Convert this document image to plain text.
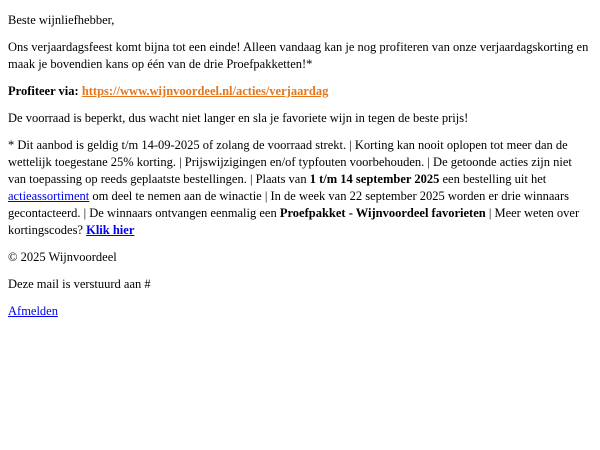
Beste wijnliefhebber,

Ons verjaardagsfeest komt bijna tot een einde! Alleen vandaag kan je nog profiteren van onze verjaardagskorting en maak je bovendien kans op één van de drie Proefpakketten!*

Profiteer via: https://www.wijnvoordeel.nl/acties/verjaardag

De voorraad is beperkt, dus wacht niet langer en sla je favoriete wijn in tegen de beste prijs!

* Dit aanbod is geldig t/m 14-09-2025 of zolang de voorraad strekt. | Korting kan nooit oplopen tot meer dan de wettelijk toegestane 25% korting. | Prijswijzigingen en/of typfouten voorbehouden. | De getoonde acties zijn niet van toepassing op reeds geplaatste bestellingen. | Plaats van 1 t/m 14 september 2025 een bestelling uit het actieassortiment om deel te nemen aan de winactie | In de week van 22 september 2025 worden er drie winnaars gecontacteerd. | De winnaars ontvangen eenmalig een Proefpakket - Wijnvoordeel favorieten | Meer weten over kortingscodes? Klik hier

© 2025 Wijnvoordeel

Deze mail is verstuurd aan #

Afmelden
